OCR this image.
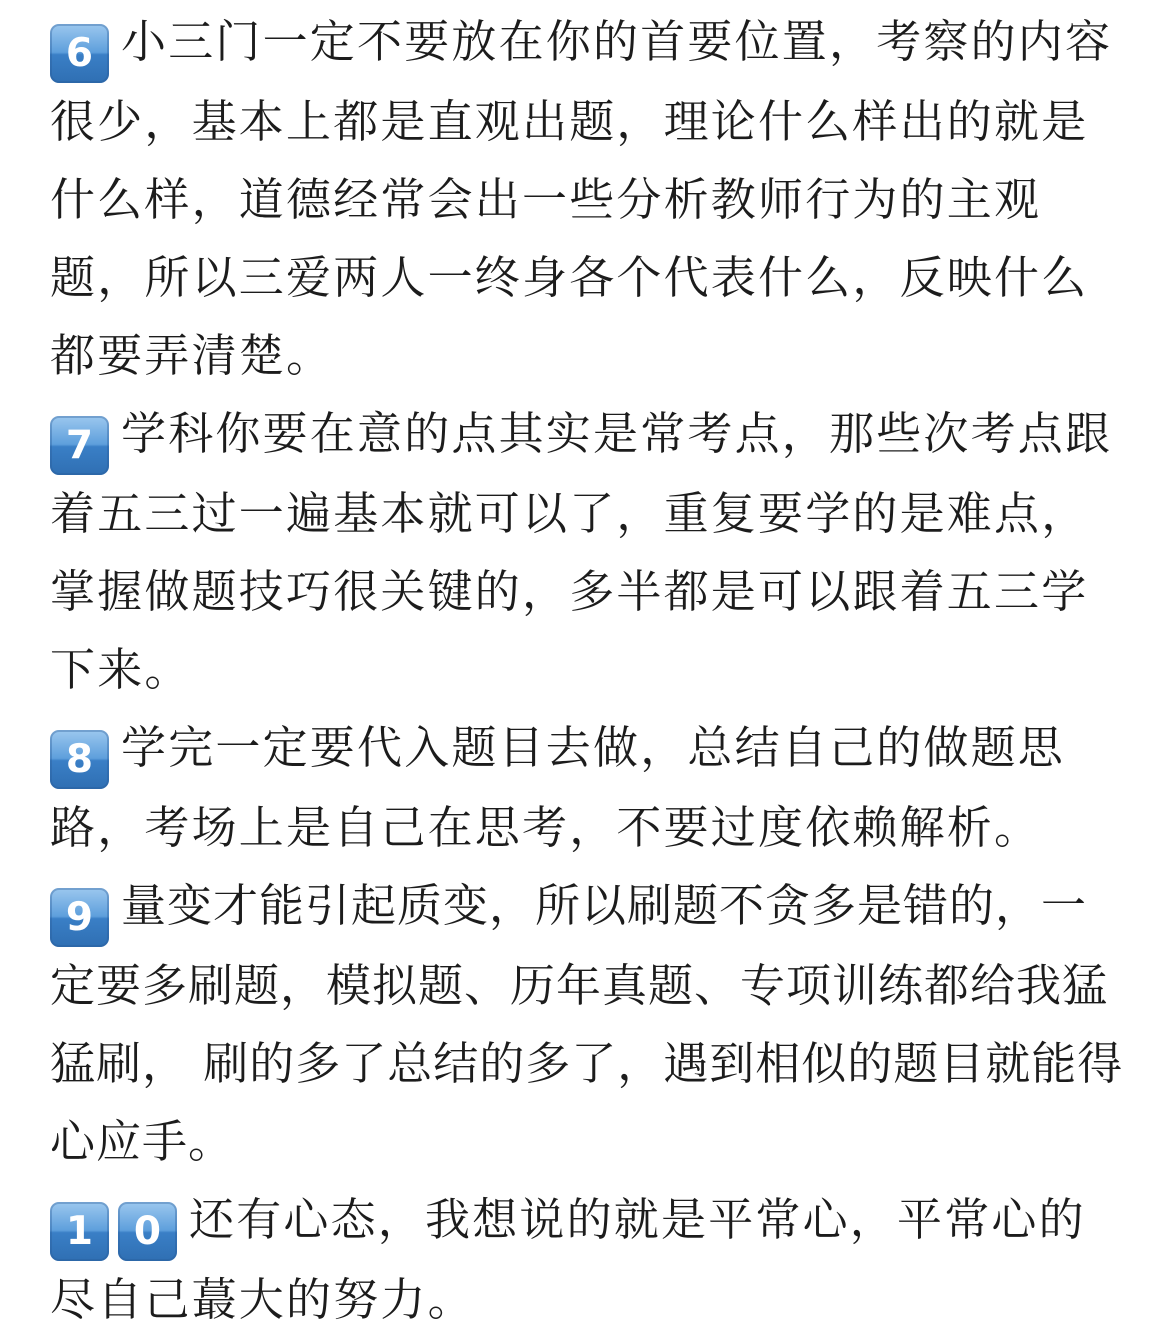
6 小三门一定不要放在你的首要位置，考察的内容很少，基本上都是直观出题，理论什么样出的就是什么样，道德经常会出一些分析教师行为的主观题，所以三爱两人一终身各个代表什么，反映什么都要弄清楚。

7 学科你要在意的点其实是常考点，那些次考点跟着五三过一遍基本就可以了，重复要学的是难点，掌握做题技巧很关键的，多半都是可以跟着五三学下来。

8 学完一定要代入题目去做，总结自己的做题思路，考场上是自己在思考，不要过度依赖解析。

9 量变才能引起质变，所以刷题不贪多是错的，一定要多刷题，模拟题、历年真题、专项训练都给我猛猛刷， 刷的多了总结的多了，遇到相似的题目就能得心应手。

1 0 还有心态，我想说的就是平常心，平常心的尽自己蕞大的努力。
